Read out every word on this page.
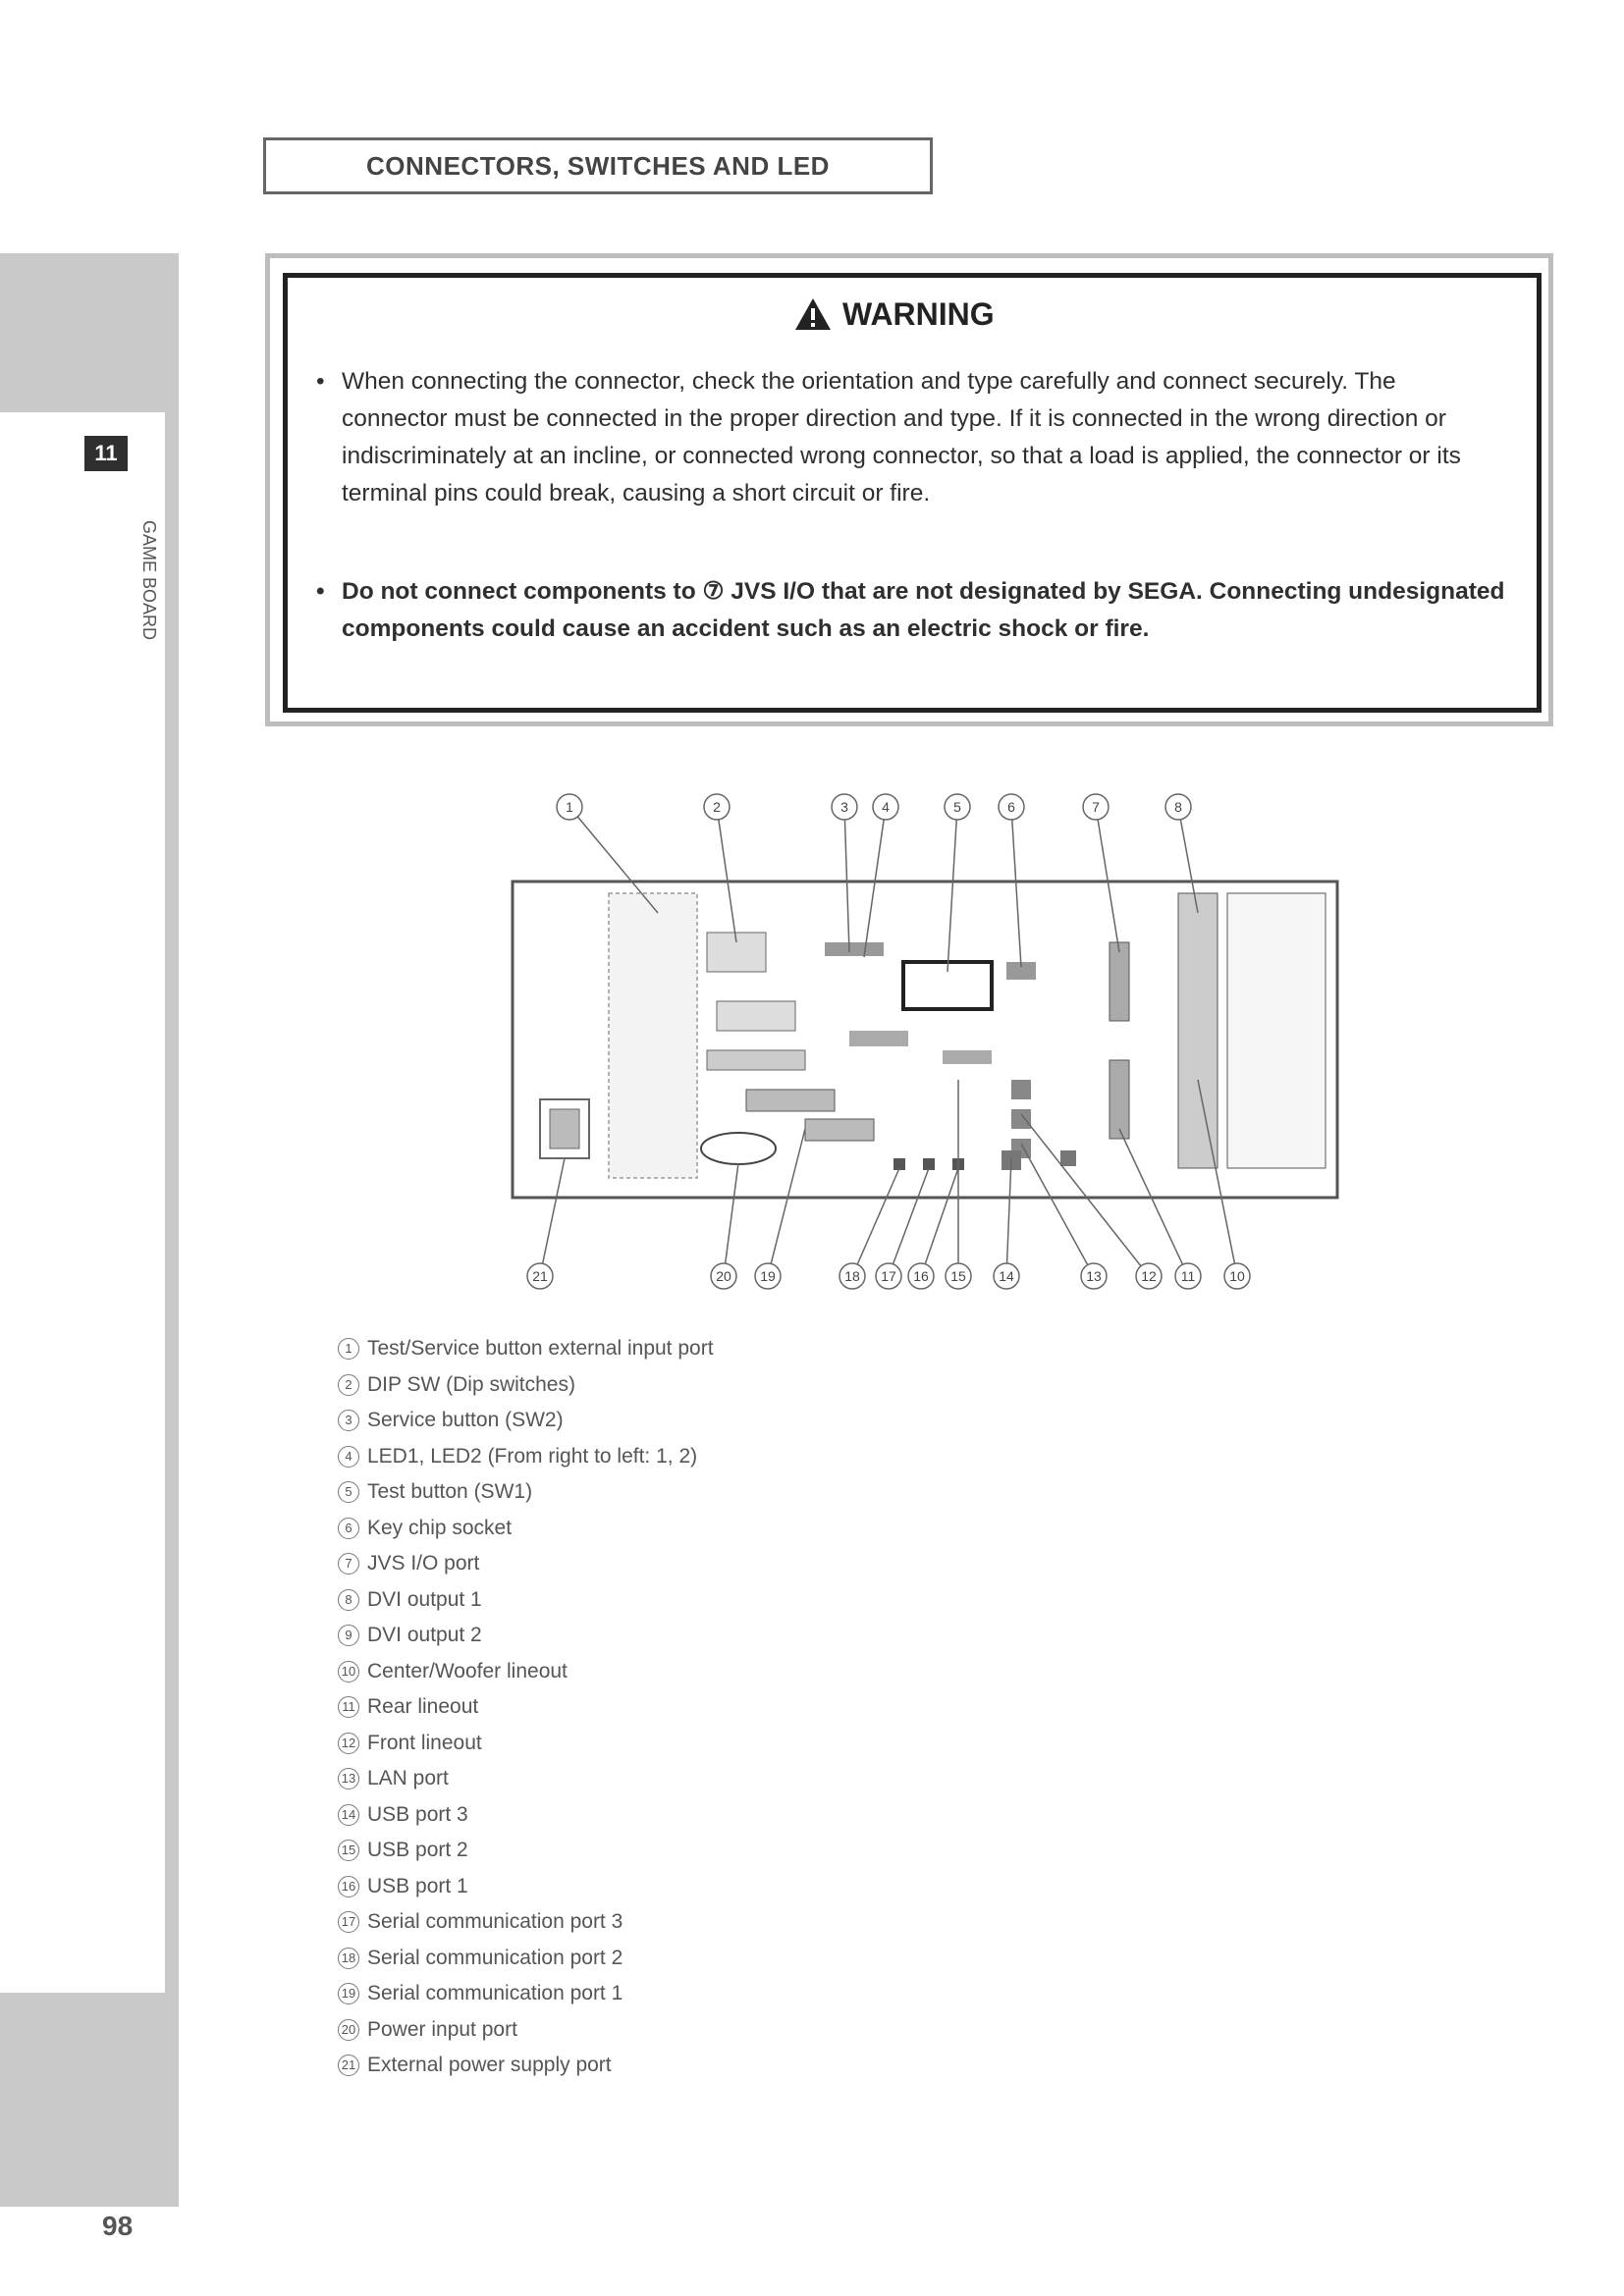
11
GAME BOARD
CONNECTORS, SWITCHES AND LED
WARNING
• When connecting the connector, check the orientation and type carefully and connect securely. The connector must be connected in the proper direction and type. If it is connected in the wrong direction or indiscriminately at an incline, or connected wrong connector, so that a load is applied, the connector or its terminal pins could break, causing a short circuit or fire.
• Do not connect components to ⑦ JVS I/O that are not designated by SEGA. Connecting undesignated components could cause an accident such as an electric shock or fire.
1	2	3 4	5	6	7	8
21	20 19	18 17 16 15 14	13	12 11 10
1 Test/Service button external input port
2 DIP SW (Dip switches)
3 Service button (SW2)
4 LED1, LED2 (From right to left: 1, 2)
5 Test button (SW1)
6 Key chip socket
7 JVS I/O port
8 DVI output 1
9 DVI output 2
10 Center/Woofer lineout
11 Rear lineout
12 Front lineout
13 LAN port
14 USB port 3
15 USB port 2
16 USB port 1
17 Serial communication port 3
18 Serial communication port 2
19 Serial communication port 1
20 Power input port
21 External power supply port
98
